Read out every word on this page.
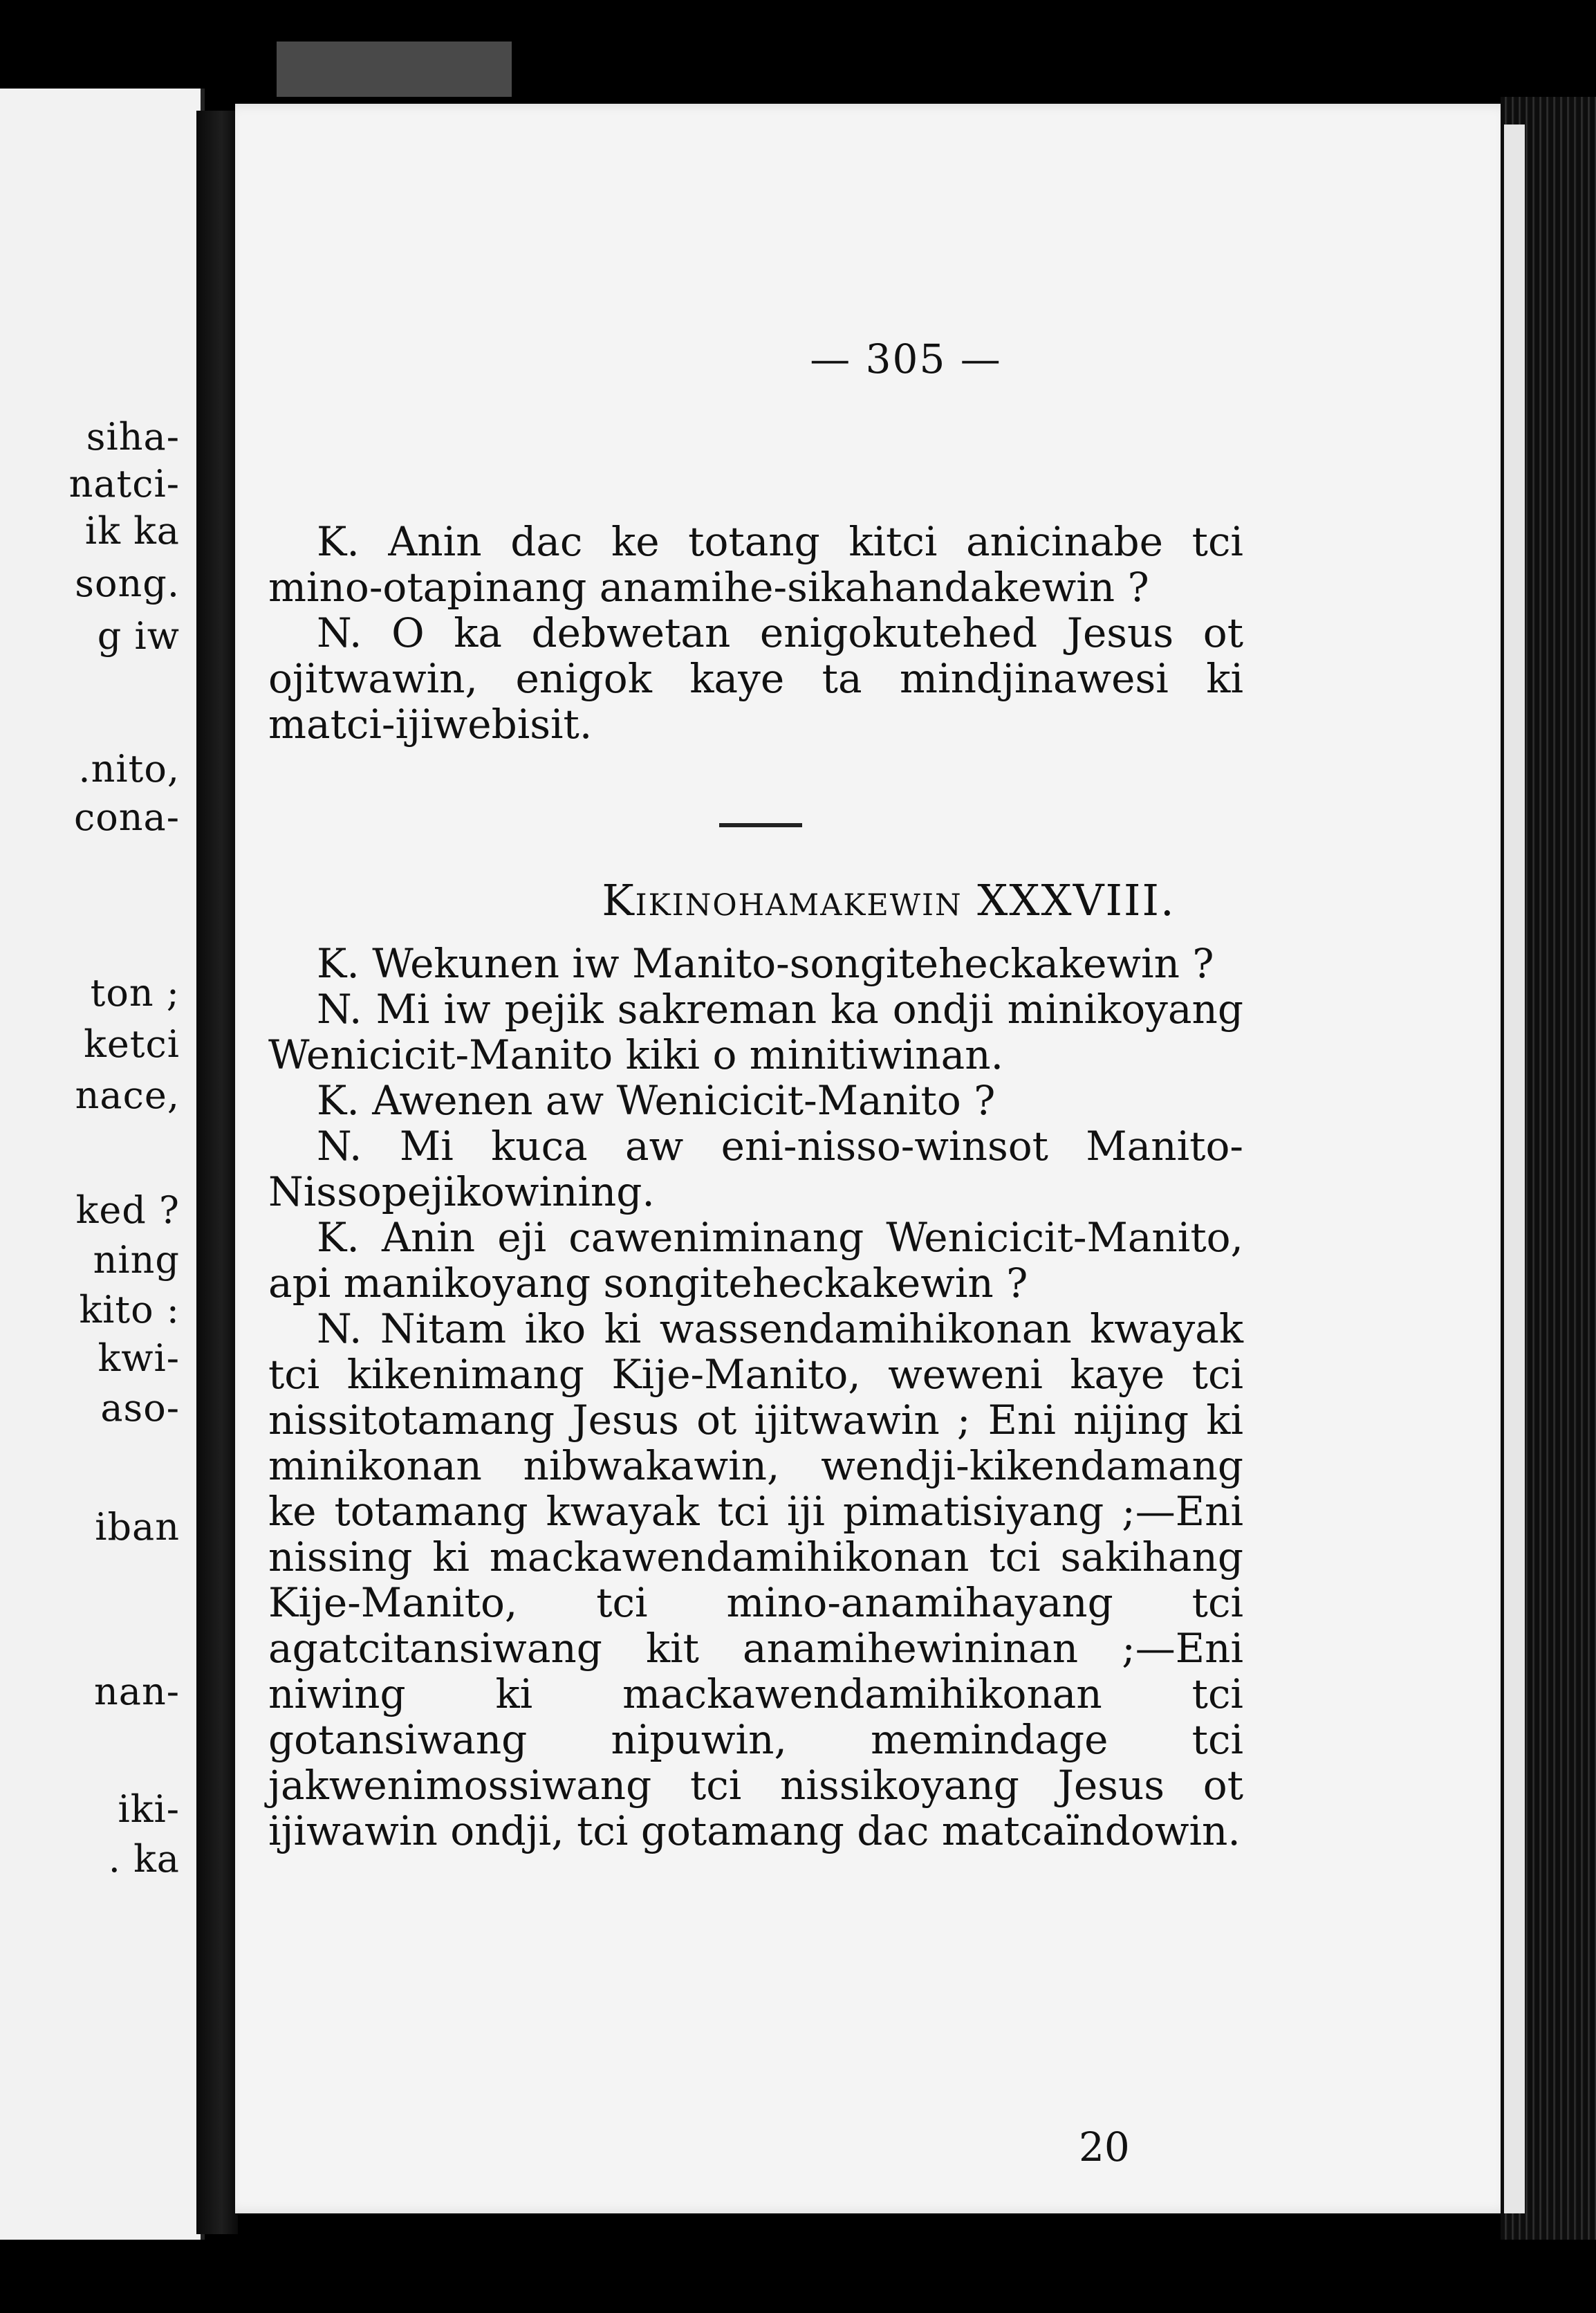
siha-
natci-
ik ka
song.
g iw
.nito,
cona-
ton ;
ketci
nace,
ked ?
ning
kito :
kwi-
aso-
iban
nan-
iki-
. ka
— 305 —

K. Anin dac ke totang kitci anicinabe tci mino-otapinang anamihe-sikahandakewin ?

N. O ka debwetan enigokutehed Jesus ot ojitwawin, enigok kaye ta mindjinawesi ki matci-ijiwebisit.

Kikinohamakewin XXXVIII.

K. Wekunen iw Manito-songiteheckakewin ?

N. Mi iw pejik sakreman ka ondji minikoyang Wenicicit-Manito kiki o minitiwinan.

K. Awenen aw Wenicicit-Manito ?

N. Mi kuca aw eni-nisso-winsot Manito-Nissopejikowining.

K. Anin eji caweniminang Wenicicit-Manito, api manikoyang songiteheckakewin ?

N. Nitam iko ki wassendamihikonan kwayak tci kikenimang Kije-Manito, weweni kaye tci nissitotamang Jesus ot ijitwawin ; Eni nijing ki minikonan nibwakawin, wendji-kikendamang ke totamang kwayak tci iji pimatisiyang ;—Eni nissing ki mackawendamihikonan tci sakihang Kije-Manito, tci mino-anamihayang tci agatcitansiwang kit anamihewininan ;—Eni niwing ki mackawendamihikonan tci gotansiwang nipuwin, memindage tci jakwenimossiwang tci nissikoyang Jesus ot ijiwawin ondji, tci gotamang dac matcaïndowin.

20
